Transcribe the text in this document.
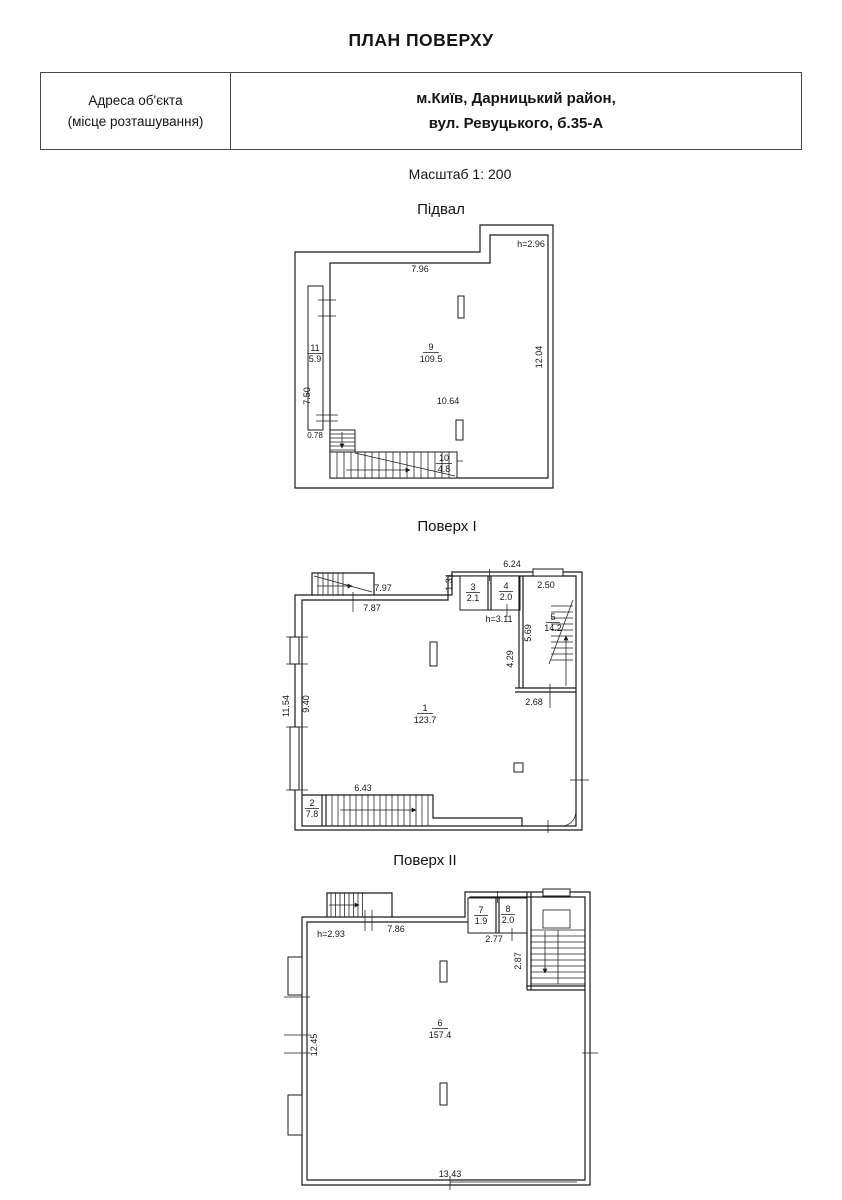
ПЛАН ПОВЕРХУ
Адреса об'єкта
(місце розташування)
м.Київ, Дарницький район,
вул. Ревуцького, б.35-А
Масштаб 1: 200
Підвал
Поверх I
Поверх II
7.96
h=2.96
9
109.5
10.64
12.04
11
5.9
7.50
0.78
10
4.8
7.97
7.87
1.31
6.24
2.50
3
2.1
4
2.0
h=3.11	5
14.2
5.69
4.29
2.68
1
123.7
11.54 9.40
6.43
2
7.8
h=2.93	7.86
7
1.9
8
2.0
2.77
2.87
12.45
6
157.4
13.43
